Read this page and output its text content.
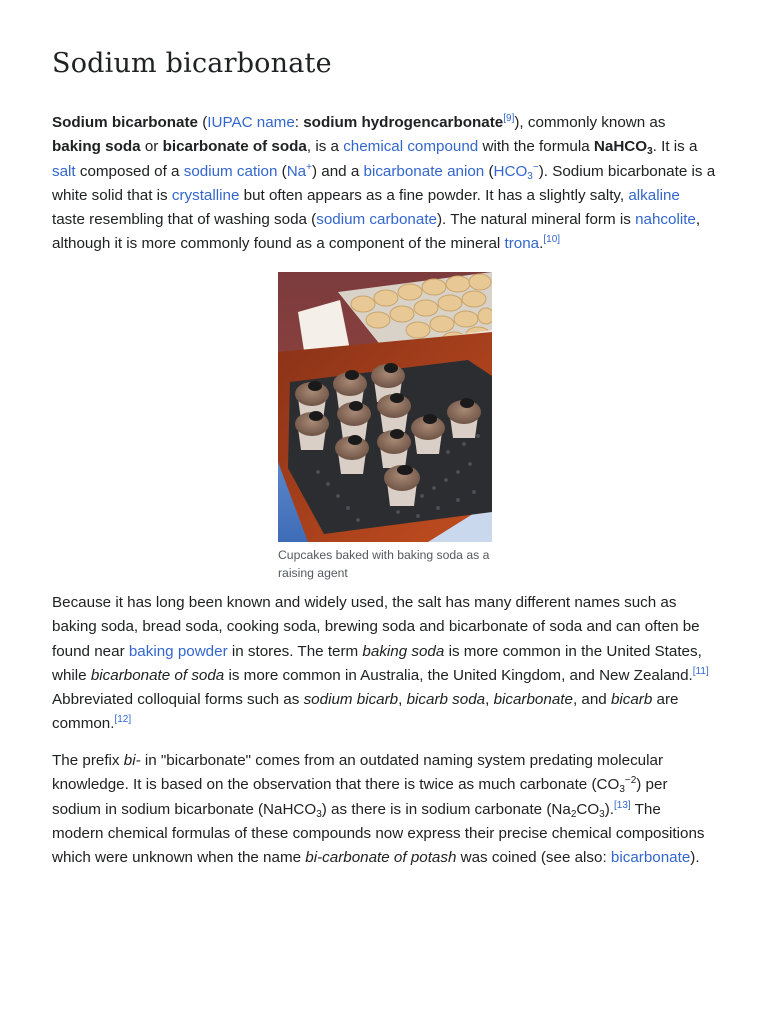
Sodium bicarbonate

Sodium bicarbonate (IUPAC name: sodium hydrogencarbonate[9]), commonly known as baking soda or bicarbonate of soda, is a chemical compound with the formula NaHCO$_3$. It is a salt composed of a sodium cation (Na+) and a bicarbonate anion $(HCO_3^-)$. Sodium bicarbonate is a white solid that is crystalline but often appears as a fine powder. It has a slightly salty, alkaline taste resembling that of washing soda (sodium carbonate). The natural mineral form is nahcolite, although it is more commonly found as a component of the mineral trona.[10]

Cupcakes baked with baking soda as a raising agent

Because it has long been known and widely used, the salt has many different names such as baking soda, bread soda, cooking soda, brewing soda and bicarbonate of soda and can often be found near baking powder in stores. The term baking soda is more common in the United States, while bicarbonate of soda is more common in Australia, the United Kingdom, and New Zealand.[11] Abbreviated colloquial forms such as sodium bicarb, bicarb soda, bicarbonate, and bicarb are common.[12]

The prefix bi- in "bicarbonate" comes from an outdated naming system predating molecular knowledge. It is based on the observation that there is twice as much carbonate $(CO_3^{-2})$ per sodium in sodium bicarbonate (NaHCO$_3$) as there is in sodium carbonate $(Na_2CO_3).[13]$ The modern chemical formulas of these compounds now express their precise chemical compositions which were unknown when the name bi-carbonate of potash was coined (see also: bicarbonate).
